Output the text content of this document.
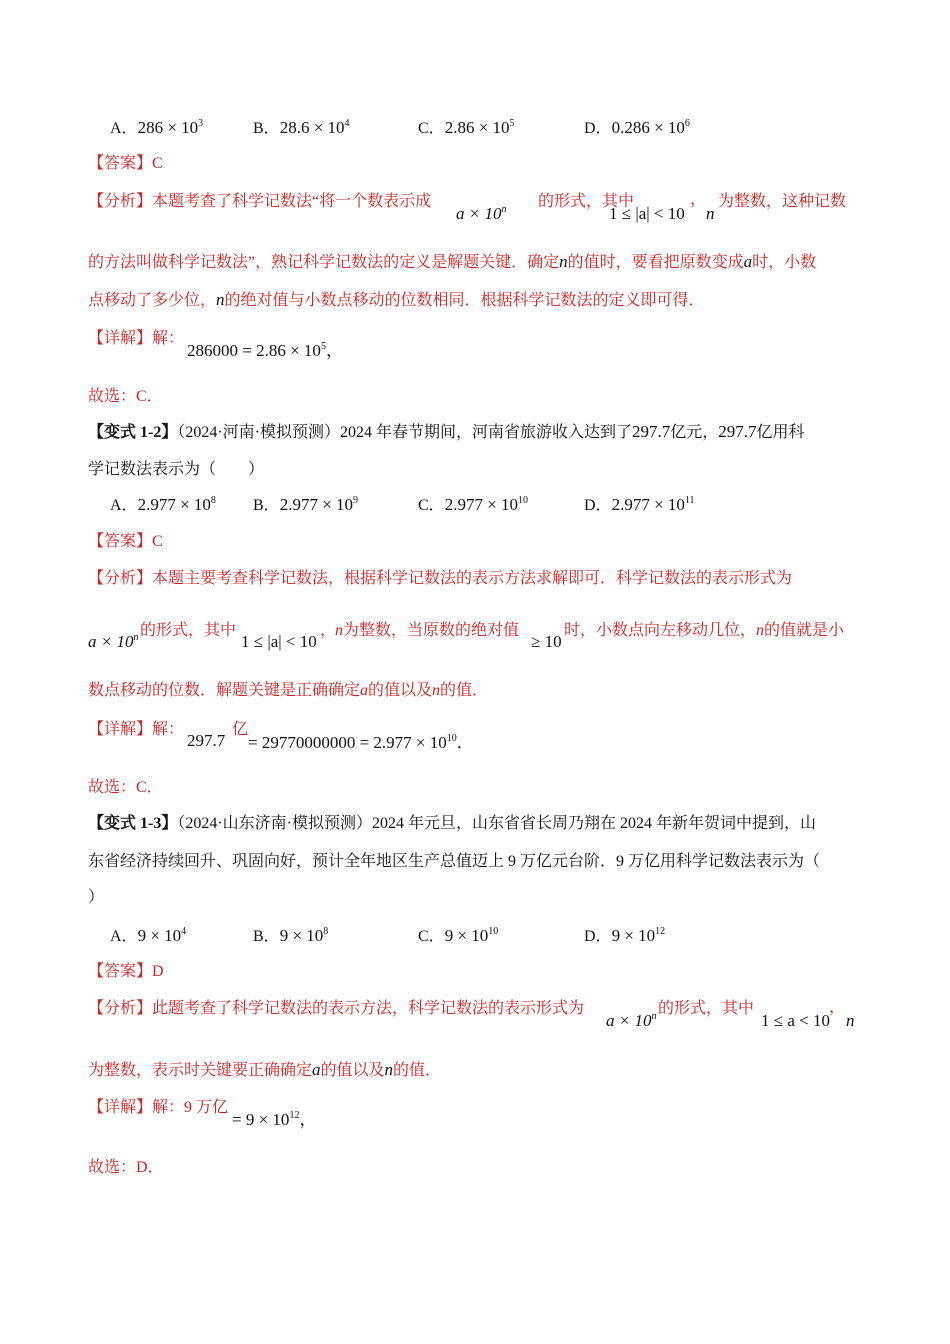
A．$286 \times 10^3$	B．$28.6 \times 10^4$	C．$2.86 \times 10^5$	D．$0.286 \times 10^6$
【答案】C
【分析】本题考查了科学记数法“将一个数表示成
$a \times 10^n$ 的形式，其中
1 ≤ |a| < 10
，
n
为整数，这种记数
的方法叫做科学记数法”，熟记科学记数法的定义是解题关键．确定n的值时，要看把原数变成a时，小数
点移动了多少位，n的绝对值与小数点移动的位数相同．根据科学记数法的定义即可得．
【详解】解：
$286000 = 2.86 \times 10^5$，
故选：C．
【变式 1-2】（2024·河南·模拟预测）2024 年春节期间，河南省旅游收入达到了297.7亿元，297.7亿用科
学记数法表示为（　　）
A．$2.977 \times 10^8$ B．$2.977 \times 10^9$	C．$2.977 \times 10^{10}$	D．$2.977 \times 10^{11}$
【答案】C
【分析】本题主要考查科学记数法，根据科学记数法的表示方法求解即可．科学记数法的表示形式为
$a \times 10^n$ 的形式，其中
1 ≤ |a| < 10
，
n为整数，当原数的绝对值
≥ 10
时，小数点向左移动几位，n的值就是小
数点移动的位数．解题关键是正确确定a的值以及n的值．
【详解】解：
297.7
亿
= $29770000000 = 2.977 \times 10^{10}$．
故选：C．
【变式 1-3】（2024·山东济南·模拟预测）2024 年元旦，山东省省长周乃翔在 2024 年新年贺词中提到，山
东省经济持续回升、巩固向好，预计全年地区生产总值迈上 9 万亿元台阶．9 万亿用科学记数法表示为（
）
A．$9 \times 10^4$	B．$9 \times 10^8$	C．$9 \times 10^{10}$	D．$9 \times 10^{12}$
【答案】D
【分析】此题考查了科学记数法的表示方法，科学记数法的表示形式为
$a \times 10^n$ 的形式，其中
1 ≤ a < 10
，
n
为整数，表示时关键要正确确定a的值以及n的值．
【详解】解：9 万亿
= $9 \times 10^{12}$，
故选：D．
